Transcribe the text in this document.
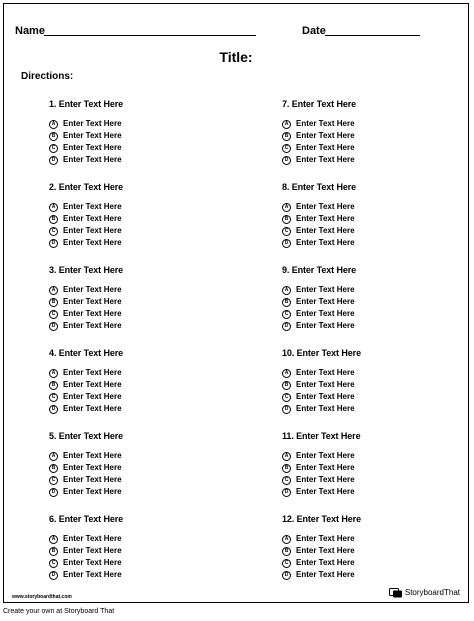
Name	Date
Title:
Directions:
1. Enter Text Here
A Enter Text Here
B Enter Text Here
C Enter Text Here
D Enter Text Here
2. Enter Text Here
A Enter Text Here
B Enter Text Here
C Enter Text Here
D Enter Text Here
3. Enter Text Here
A Enter Text Here
B Enter Text Here
C Enter Text Here
D Enter Text Here
4. Enter Text Here
A Enter Text Here
B Enter Text Here
C Enter Text Here
D Enter Text Here
5. Enter Text Here
A Enter Text Here
B Enter Text Here
C Enter Text Here
D Enter Text Here
6. Enter Text Here
A Enter Text Here
B Enter Text Here
C Enter Text Here
D Enter Text Here
7. Enter Text Here
A Enter Text Here
B Enter Text Here
C Enter Text Here
D Enter Text Here
8. Enter Text Here
A Enter Text Here
B Enter Text Here
C Enter Text Here
D Enter Text Here
9. Enter Text Here
A Enter Text Here
B Enter Text Here
C Enter Text Here
D Enter Text Here
10. Enter Text Here
A Enter Text Here
B Enter Text Here
C Enter Text Here
D Enter Text Here
11. Enter Text Here
A Enter Text Here
B Enter Text Here
C Enter Text Here
D Enter Text Here
12. Enter Text Here
A Enter Text Here
B Enter Text Here
C Enter Text Here
D Enter Text Here
www.storyboardthat.com	StoryboardThat
Create your own at Storyboard That
